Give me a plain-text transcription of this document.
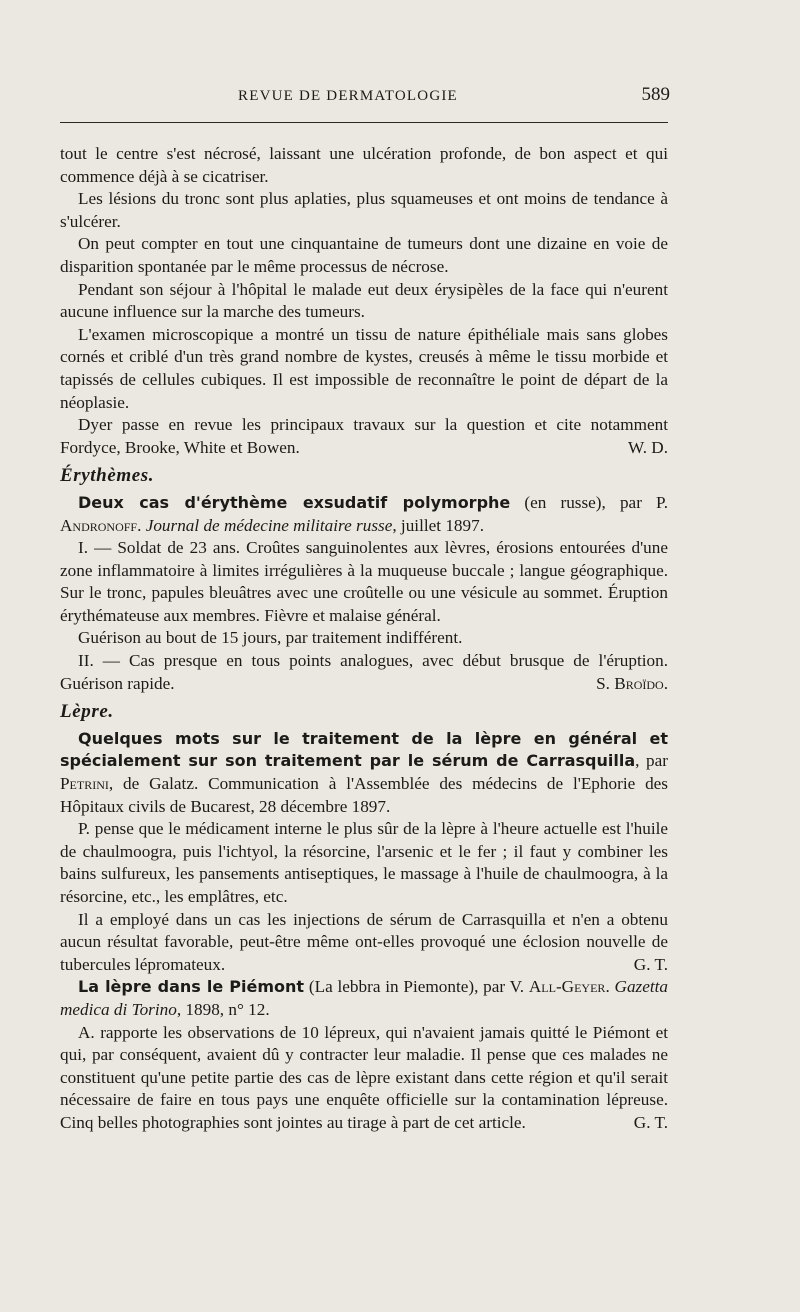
REVUE DE DERMATOLOGIE	589

tout le centre s'est nécrosé, laissant une ulcération profonde, de bon aspect et qui commence déjà à se cicatriser.

Les lésions du tronc sont plus aplaties, plus squameuses et ont moins de tendance à s'ulcérer.

On peut compter en tout une cinquantaine de tumeurs dont une dizaine en voie de disparition spontanée par le même processus de nécrose.

Pendant son séjour à l'hôpital le malade eut deux érysipèles de la face qui n'eurent aucune influence sur la marche des tumeurs.

L'examen microscopique a montré un tissu de nature épithéliale mais sans globes cornés et criblé d'un très grand nombre de kystes, creusés à même le tissu morbide et tapissés de cellules cubiques. Il est impossible de reconnaître le point de départ de la néoplasie.

Dyer passe en revue les principaux travaux sur la question et cite notamment Fordyce, Brooke, White et Bowen.	W. D.

Érythèmes.

Deux cas d'érythème exsudatif polymorphe (en russe), par P. Andronoff. Journal de médecine militaire russe, juillet 1897.

I. — Soldat de 23 ans. Croûtes sanguinolentes aux lèvres, érosions entourées d'une zone inflammatoire à limites irrégulières à la muqueuse buccale ; langue géographique. Sur le tronc, papules bleuâtres avec une croûtelle ou une vésicule au sommet. Éruption érythémateuse aux membres. Fièvre et malaise général.

Guérison au bout de 15 jours, par traitement indifférent.

II. — Cas presque en tous points analogues, avec début brusque de l'éruption. Guérison rapide.	S. Broïdo.

Lèpre.

Quelques mots sur le traitement de la lèpre en général et spécialement sur son traitement par le sérum de Carrasquilla, par Petrini, de Galatz. Communication à l'Assemblée des médecins de l'Ephorie des Hôpitaux civils de Bucarest, 28 décembre 1897.

P. pense que le médicament interne le plus sûr de la lèpre à l'heure actuelle est l'huile de chaulmoogra, puis l'ichtyol, la résorcine, l'arsenic et le fer ; il faut y combiner les bains sulfureux, les pansements antiseptiques, le massage à l'huile de chaulmoogra, à la résorcine, etc., les emplâtres, etc.

Il a employé dans un cas les injections de sérum de Carrasquilla et n'en a obtenu aucun résultat favorable, peut-être même ont-elles provoqué une éclosion nouvelle de tubercules lépromateux.	G. T.

La lèpre dans le Piémont (La lebbra in Piemonte), par V. All-Geyer. Gazetta medica di Torino, 1898, n° 12.

A. rapporte les observations de 10 lépreux, qui n'avaient jamais quitté le Piémont et qui, par conséquent, avaient dû y contracter leur maladie. Il pense que ces malades ne constituent qu'une petite partie des cas de lèpre existant dans cette région et qu'il serait nécessaire de faire en tous pays une enquête officielle sur la contamination lépreuse. Cinq belles photographies sont jointes au tirage à part de cet article.	G. T.
